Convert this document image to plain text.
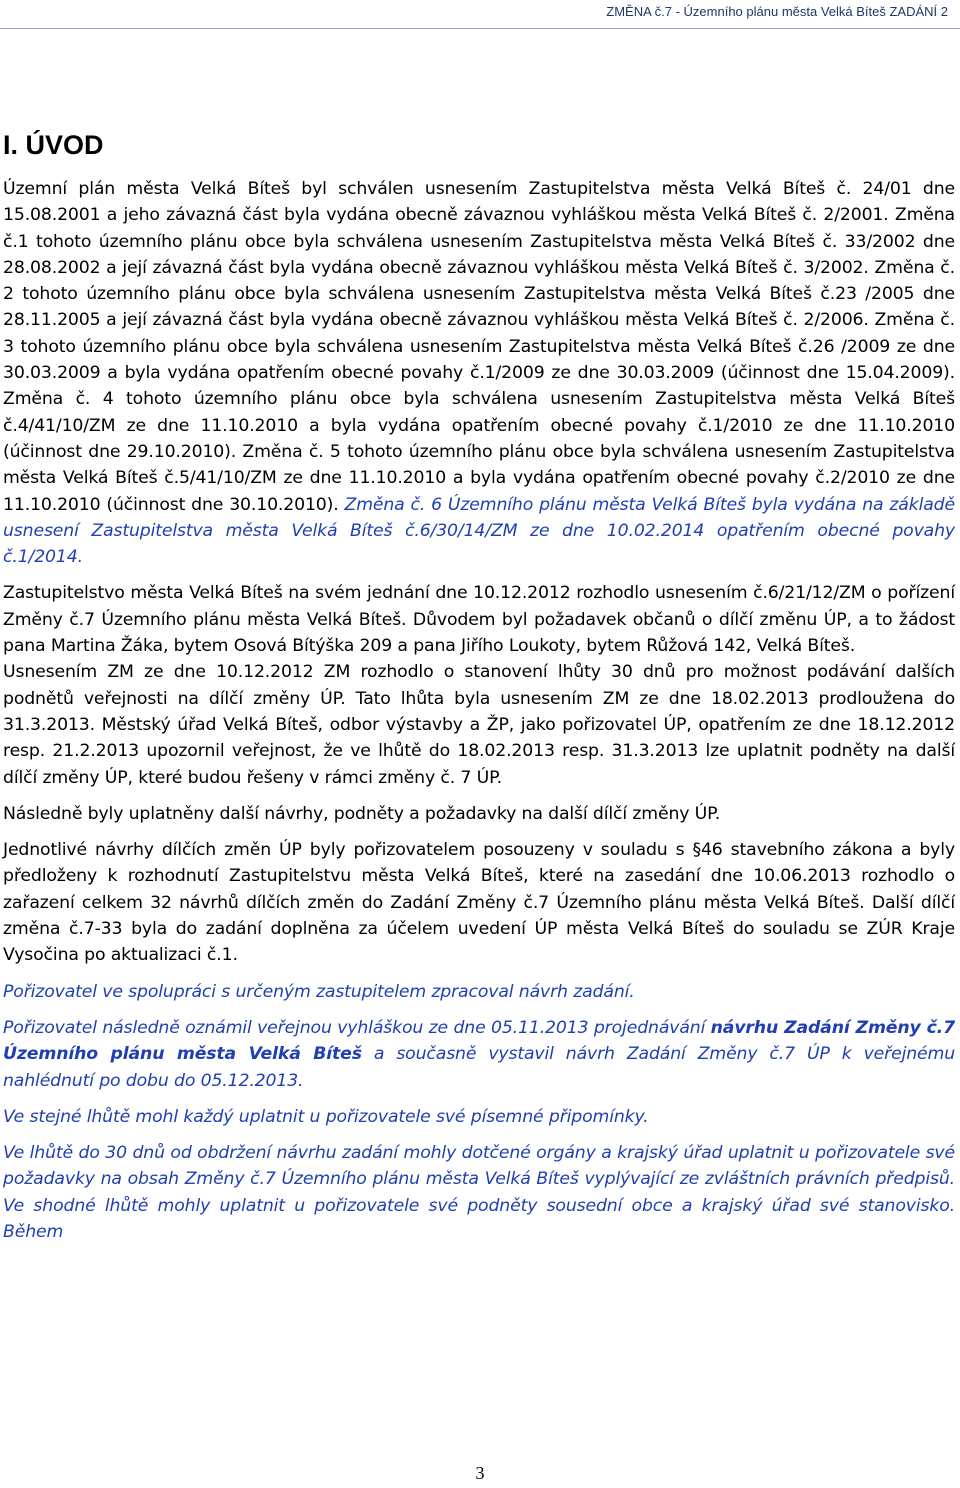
ZMĚNA č.7 - Územního plánu města Velká Bíteš ZADÁNÍ 2
I. ÚVOD

Územní plán města Velká Bíteš byl schválen usnesením Zastupitelstva města Velká Bíteš č. 24/01 dne 15.08.2001 a jeho závazná část byla vydána obecně závaznou vyhláškou města Velká Bíteš č. 2/2001. Změna č.1 tohoto územního plánu obce byla schválena usnesením Zastupitelstva města Velká Bíteš č. 33/2002 dne 28.08.2002 a její závazná část byla vydána obecně závaznou vyhláškou města Velká Bíteš č. 3/2002. Změna č. 2 tohoto územního plánu obce byla schválena usnesením Zastupitelstva města Velká Bíteš č.23 /2005 dne 28.11.2005 a její závazná část byla vydána obecně závaznou vyhláškou města Velká Bíteš č. 2/2006. Změna č. 3 tohoto územního plánu obce byla schválena usnesením Zastupitelstva města Velká Bíteš č.26 /2009 ze dne 30.03.2009 a byla vydána opatřením obecné povahy č.1/2009 ze dne 30.03.2009 (účinnost dne 15.04.2009). Změna č. 4 tohoto územního plánu obce byla schválena usnesením Zastupitelstva města Velká Bíteš č.4/41/10/ZM ze dne 11.10.2010 a byla vydána opatřením obecné povahy č.1/2010 ze dne 11.10.2010 (účinnost dne 29.10.2010). Změna č. 5 tohoto územního plánu obce byla schválena usnesením Zastupitelstva města Velká Bíteš č.5/41/10/ZM ze dne 11.10.2010 a byla vydána opatřením obecné povahy č.2/2010 ze dne 11.10.2010 (účinnost dne 30.10.2010). Změna č. 6 Územního plánu města Velká Bíteš byla vydána na základě usnesení Zastupitelstva města Velká Bíteš č.6/30/14/ZM ze dne 10.02.2014 opatřením obecné povahy č.1/2014.

Zastupitelstvo města Velká Bíteš na svém jednání dne 10.12.2012 rozhodlo usnesením č.6/21/12/ZM o pořízení Změny č.7 Územního plánu města Velká Bíteš. Důvodem byl požadavek občanů o dílčí změnu ÚP, a to žádost pana Martina Žáka, bytem Osová Bítýška 209 a pana Jiřího Loukoty, bytem Růžová 142, Velká Bíteš.

Usnesením ZM ze dne 10.12.2012 ZM rozhodlo o stanovení lhůty 30 dnů pro možnost podávání dalších podnětů veřejnosti na dílčí změny ÚP. Tato lhůta byla usnesením ZM ze dne 18.02.2013 prodloužena do 31.3.2013. Městský úřad Velká Bíteš, odbor výstavby a ŽP, jako pořizovatel ÚP, opatřením ze dne 18.12.2012 resp. 21.2.2013 upozornil veřejnost, že ve lhůtě do 18.02.2013 resp. 31.3.2013 lze uplatnit podněty na další dílčí změny ÚP, které budou řešeny v rámci změny č. 7 ÚP.

Následně byly uplatněny další návrhy, podněty a požadavky na další dílčí změny ÚP.

Jednotlivé návrhy dílčích změn ÚP byly pořizovatelem posouzeny v souladu s §46 stavebního zákona a byly předloženy k rozhodnutí Zastupitelstvu města Velká Bíteš, které na zasedání dne 10.06.2013 rozhodlo o zařazení celkem 32 návrhů dílčích změn do Zadání Změny č.7 Územního plánu města Velká Bíteš. Další dílčí změna č.7-33 byla do zadání doplněna za účelem uvedení ÚP města Velká Bíteš do souladu se ZÚR Kraje Vysočina po aktualizaci č.1.

Pořizovatel ve spolupráci s určeným zastupitelem zpracoval návrh zadání.

Pořizovatel následně oznámil veřejnou vyhláškou ze dne 05.11.2013 projednávání návrhu Zadání Změny č.7 Územního plánu města Velká Bíteš a současně vystavil návrh Zadání Změny č.7 ÚP k veřejnému nahlédnutí po dobu do 05.12.2013.

Ve stejné lhůtě mohl každý uplatnit u pořizovatele své písemné připomínky.

Ve lhůtě do 30 dnů od obdržení návrhu zadání mohly dotčené orgány a krajský úřad uplatnit u pořizovatele své požadavky na obsah Změny č.7 Územního plánu města Velká Bíteš vyplývající ze zvláštních právních předpisů. Ve shodné lhůtě mohly uplatnit u pořizovatele své podněty sousední obce a krajský úřad své stanovisko. Během

3
